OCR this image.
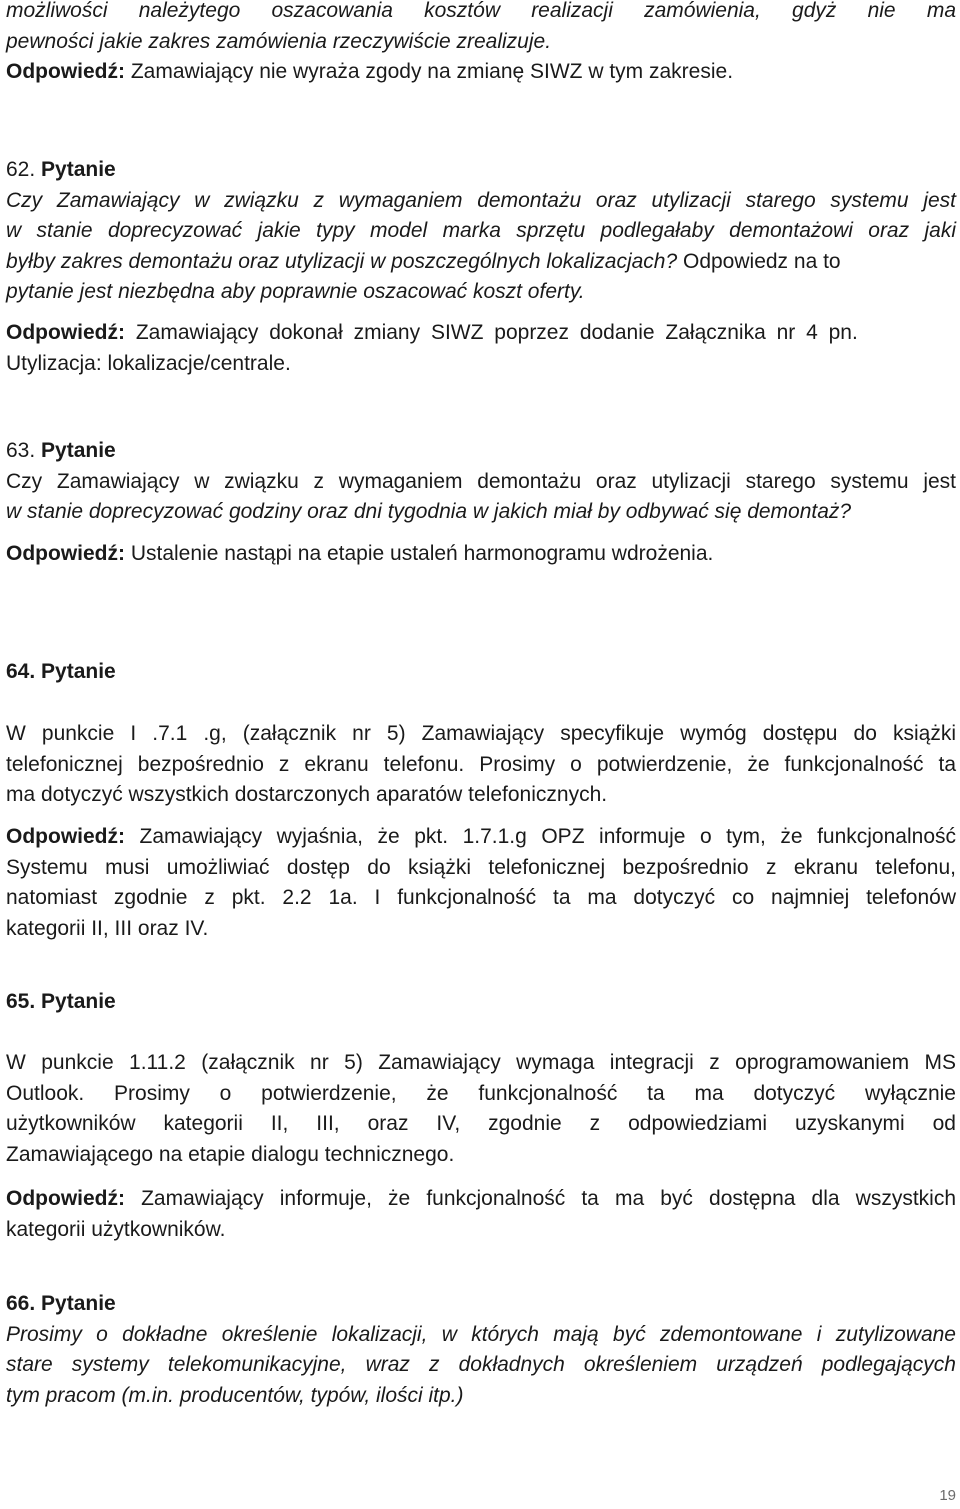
możliwości należytego oszacowania kosztów realizacji zamówienia, gdyż nie ma
pewności jakie zakres zamówienia rzeczywiście zrealizuje.
Odpowiedź: Zamawiający nie wyraża zgody na zmianę SIWZ w tym zakresie.
62. Pytanie
Czy Zamawiający w związku z wymaganiem demontażu oraz utylizacji starego systemu jest
w stanie doprecyzować jakie typy model marka sprzętu podlegałaby demontażowi oraz jaki
byłby zakres demontażu oraz utylizacji w poszczególnych lokalizacjach? Odpowiedz na to
pytanie jest niezbędna aby poprawnie oszacować koszt oferty.
Odpowiedź: Zamawiający dokonał zmiany SIWZ poprzez dodanie Załącznika nr 4 pn.
Utylizacja: lokalizacje/centrale.
63. Pytanie
Czy Zamawiający w związku z wymaganiem demontażu oraz utylizacji starego systemu jest
w stanie doprecyzować godziny oraz dni tygodnia w jakich miał by odbywać się demontaż?
Odpowiedź: Ustalenie nastąpi na etapie ustaleń harmonogramu wdrożenia.
64. Pytanie
W punkcie I .7.1 .g, (załącznik nr 5) Zamawiający specyfikuje wymóg dostępu do książki
telefonicznej bezpośrednio z ekranu telefonu. Prosimy o potwierdzenie, że funkcjonalność ta
ma dotyczyć wszystkich dostarczonych aparatów telefonicznych.
Odpowiedź: Zamawiający wyjaśnia, że pkt. 1.7.1.g OPZ informuje o tym, że funkcjonalność
Systemu musi umożliwiać dostęp do książki telefonicznej bezpośrednio z ekranu telefonu,
natomiast zgodnie z pkt. 2.2 1a. I funkcjonalność ta ma dotyczyć co najmniej telefonów
kategorii II, III oraz IV.
65. Pytanie
W punkcie 1.11.2 (załącznik nr 5) Zamawiający wymaga integracji z oprogramowaniem MS
Outlook. Prosimy o potwierdzenie, że funkcjonalność ta ma dotyczyć wyłącznie
użytkowników kategorii II, III, oraz IV, zgodnie z odpowiedziami uzyskanymi od
Zamawiającego na etapie dialogu technicznego.
Odpowiedź: Zamawiający informuje, że funkcjonalność ta ma być dostępna dla wszystkich
kategorii użytkowników.
66. Pytanie
Prosimy o dokładne określenie lokalizacji, w których mają być zdemontowane i zutylizowane
stare systemy telekomunikacyjne, wraz z dokładnych określeniem urządzeń podlegających
tym pracom (m.in. producentów, typów, ilości itp.)
19
